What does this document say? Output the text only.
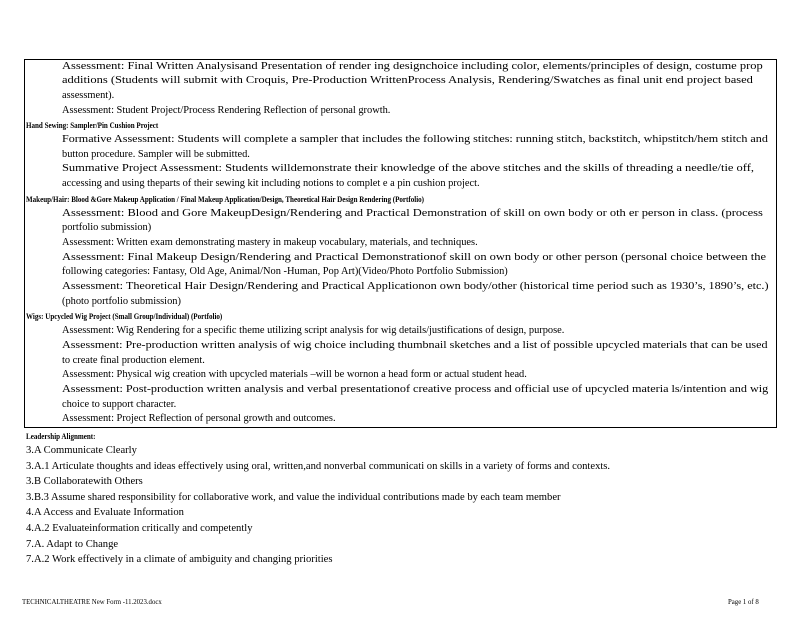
Assessment: Final Written Analysisand Presentation of render ing designchoice including color, elements/principles of design, costume prop
additions (Students will submit with Croquis, Pre-Production WrittenProcess Analysis, Rendering/Swatches as final unit end project based
assessment).
Assessment: Student Project/Process Rendering Reflection of personal growth.
Hand Sewing: Sampler/Pin Cushion Project
Formative Assessment: Students will complete a sampler that includes the following stitches: running stitch, backstitch, whipstitch/hem stitch and
button procedure. Sampler will be submitted.
Summative Project Assessment: Students willdemonstrate their knowledge of the above stitches and the skills of threading a needle/tie off,
accessing and using theparts of their sewing kit including notions to complet e a pin cushion project.
Makeup/Hair: Blood &Gore Makeup Application / Final Makeup Application/Design, Theoretical Hair Design Rendering (Portfolio)
Assessment: Blood and Gore MakeupDesign/Rendering and Practical Demonstration of skill on own body or oth er person in class. (process
portfolio submission)
Assessment: Written exam demonstrating mastery in makeup vocabulary, materials, and techniques.
Assessment: Final Makeup Design/Rendering and Practical Demonstrationof skill on own body or other person (personal choice between the
following categories: Fantasy, Old Age, Animal/Non -Human, Pop Art)(Video/Photo Portfolio Submission)
Assessment: Theoretical Hair Design/Rendering and Practical Applicationon own body/other (historical time period such as 1930’s, 1890’s, etc.)
(photo portfolio submission)
Wigs: Upcycled Wig Project (Small Group/Individual) (Portfolio)
Assessment: Wig Rendering for a specific theme utilizing script analysis for wig details/justifications of design, purpose.
Assessment: Pre-production written analysis of wig choice including thumbnail sketches and a list of possible upcycled materials that can be used
to create final production element.
Assessment: Physical wig creation with upcycled materials –will be wornon a head form or actual student head.
Assessment: Post-production written analysis and verbal presentationof creative process and official use of upcycled materia ls/intention and wig
choice to support character.
Assessment: Project Reflection of personal growth and outcomes.
Leadership Alignment:
3.A Communicate Clearly
3.A.1 Articulate thoughts and ideas effectively using oral, written,and nonverbal communicati on skills in a variety of forms and contexts.
3.B Collaboratewith Others
3.B.3 Assume shared responsibility for collaborative work, and value the individual contributions made by each team member
4.A Access and Evaluate Information
4.A.2 Evaluateinformation critically and competently
7.A. Adapt to Change
7.A.2 Work effectively in a climate of ambiguity and changing priorities
TECHNICALTHEATRE New Form -11.2023.docx	Page 1 of 8
